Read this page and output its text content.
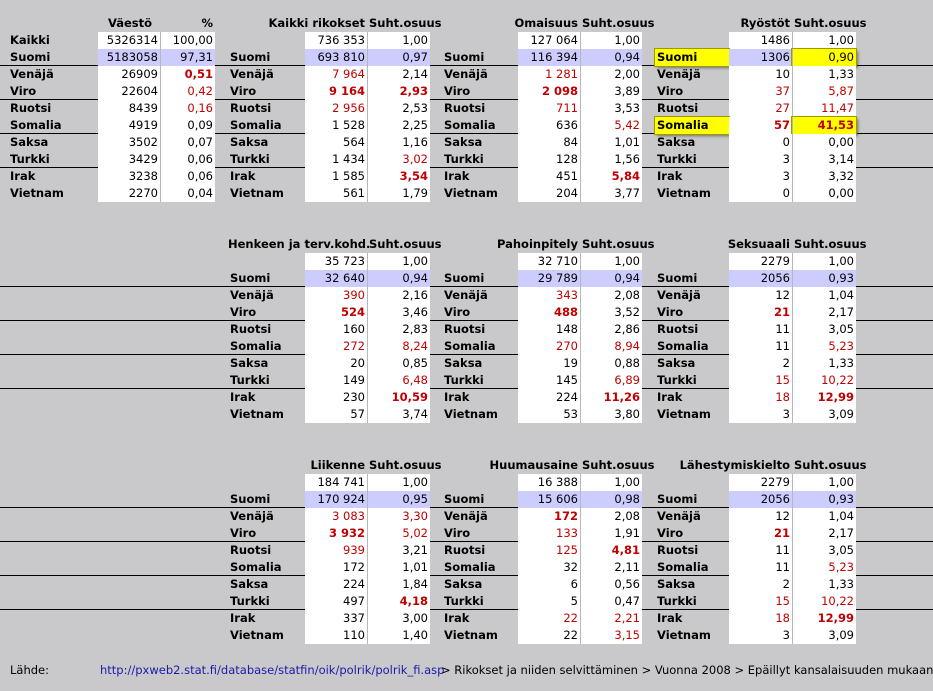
Väestö	%
Kaikki	5326314	100,00
Suomi	5183058	97,31
Venäjä	26909	0,51
Viro	22604	0,42
Ruotsi	8439	0,16
Somalia	4919	0,09
Saksa	3502	0,07
Turkki	3429	0,06
Irak	3238	0,06
Vietnam	2270	0,04
Kaikki rikokset Suht.osuus
736 353	1,00
Suomi	693 810	0,97
Venäjä	7 964	2,14
Viro	9 164	2,93
Ruotsi	2 956	2,53
Somalia	1 528	2,25
Saksa	564	1,16
Turkki	1 434	3,02
Irak	1 585	3,54
Vietnam	561	1,79
Omaisuus Suht.osuus
127 064	1,00
Suomi	116 394	0,94
Venäjä	1 281	2,00
Viro	2 098	3,89
Ruotsi	711	3,53
Somalia	636	5,42
Saksa	84	1,01
Turkki	128	1,56
Irak	451	5,84
Vietnam	204	3,77
Ryöstöt Suht.osuus
1486	1,00
Suomi	1306	0,90
Venäjä	10	1,33
Viro	37	5,87
Ruotsi	27	11,47
Somalia	57	41,53
Saksa	0	0,00
Turkki	3	3,14
Irak	3	3,32
Vietnam	0	0,00
Henkeen ja terv.kohd.
Suht.osuus
35 723	1,00
Suomi	32 640	0,94
Venäjä	390	2,16
Viro	524	3,46
Ruotsi	160	2,83
Somalia	272	8,24
Saksa	20	0,85
Turkki	149	6,48
Irak	230	10,59
Vietnam	57	3,74
Pahoinpitely Suht.osuus
32 710	1,00
Suomi	29 789	0,94
Venäjä	343	2,08
Viro	488	3,52
Ruotsi	148	2,86
Somalia	270	8,94
Saksa	19	0,88
Turkki	145	6,89
Irak	224	11,26
Vietnam	53	3,80
Seksuaali Suht.osuus
2279	1,00
Suomi	2056	0,93
Venäjä	12	1,04
Viro	21	2,17
Ruotsi	11	3,05
Somalia	11	5,23
Saksa	2	1,33
Turkki	15	10,22
Irak	18	12,99
Vietnam	3	3,09
Liikenne Suht.osuus
184 741	1,00
Suomi	170 924	0,95
Venäjä	3 083	3,30
Viro	3 932	5,02
Ruotsi	939	3,21
Somalia	172	1,01
Saksa	224	1,84
Turkki	497	4,18
Irak	337	3,00
Vietnam	110	1,40
Huumausaine Suht.osuus
16 388	1,00
Suomi	15 606	0,98
Venäjä	172	2,08
Viro	133	1,91
Ruotsi	125	4,81
Somalia	32	2,11
Saksa	6	0,56
Turkki	5	0,47
Irak	22	2,21
Vietnam	22	3,15
Lähestymiskielto Suht.osuus
2279	1,00
Suomi	2056	0,93
Venäjä	12	1,04
Viro	21	2,17
Ruotsi	11	3,05
Somalia	11	5,23
Saksa	2	1,33
Turkki	15	10,22
Irak	18	12,99
Vietnam	3	3,09
Lähde:	http://pxweb2.stat.fi/database/statfin/oik/polrik/polrik_fi.asp
> Rikokset ja niiden selvittäminen > Vuonna 2008 > Epäillyt kansalaisuuden mukaan
